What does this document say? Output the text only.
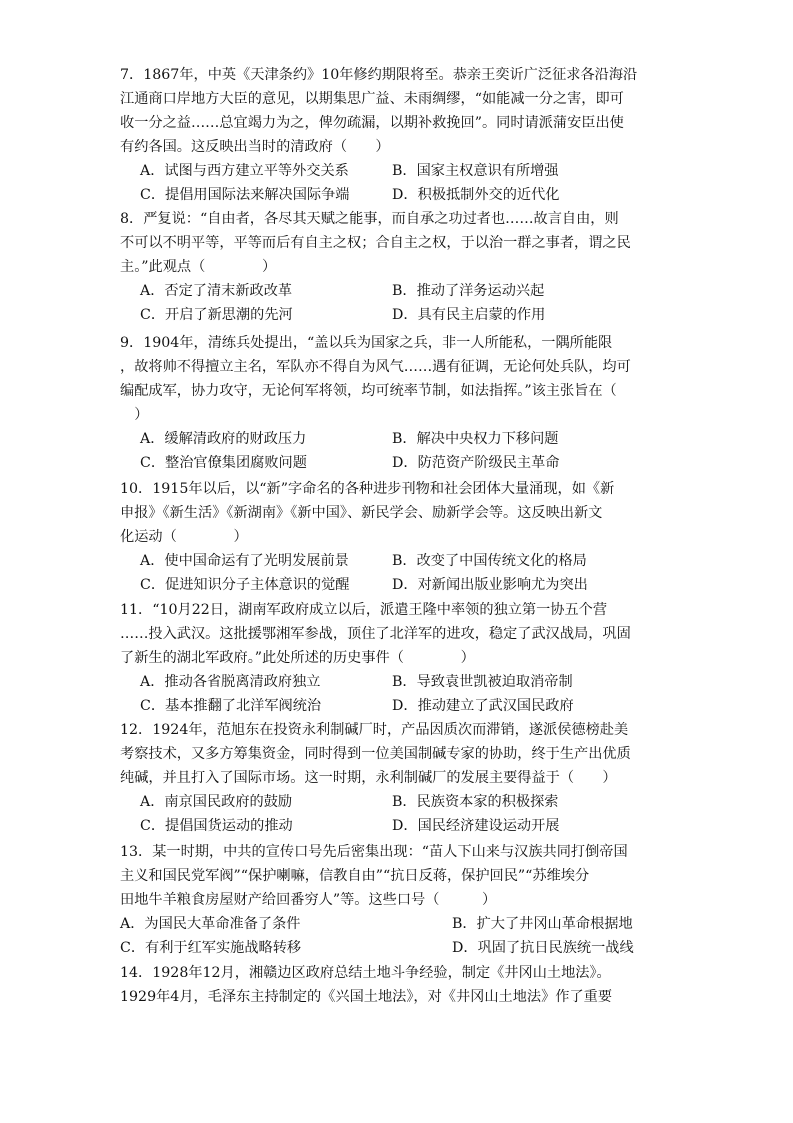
7．1867年，中英《天津条约》10年修约期限将至。恭亲王奕䜣广泛征求各沿海沿
江通商口岸地方大臣的意见，以期集思广益、未雨绸缪，“如能减一分之害，即可
收一分之益……总宜竭力为之，俾勿疏漏，以期补救挽回”。同时请派蒲安臣出使
有约各国。这反映出当时的清政府（　　）
A．试图与西方建立平等外交关系	B．国家主权意识有所增强
C．提倡用国际法来解决国际争端	D．积极抵制外交的近代化
8．严复说：“自由者，各尽其天赋之能事，而自承之功过者也……故言自由，则
不可以不明平等，平等而后有自主之权；合自主之权，于以治一群之事者，谓之民
主。”此观点（　　　　）
A．否定了清末新政改革	B．推动了洋务运动兴起
C．开启了新思潮的先河	D．具有民主启蒙的作用
9．1904年，清练兵处提出，“盖以兵为国家之兵，非一人所能私，一隅所能限
，故将帅不得擅立主名，军队亦不得自为风气……遇有征调，无论何处兵队，均可
编配成军，协力攻守，无论何军将领，均可统率节制，如法指挥。”该主张旨在（
　）
A．缓解清政府的财政压力	B．解决中央权力下移问题
C．整治官僚集团腐败问题	D．防范资产阶级民主革命
10．1915年以后，以“新”字命名的各种进步刊物和社会团体大量涌现，如《新
申报》《新生活》《新湖南》《新中国》、新民学会、励新学会等。这反映出新文
化运动（　　　　）
A．使中国命运有了光明发展前景	B．改变了中国传统文化的格局
C．促进知识分子主体意识的觉醒	D．对新闻出版业影响尤为突出
11．“10月22日，湖南军政府成立以后，派遣王隆中率领的独立第一协五个营
……投入武汉。这批援鄂湘军参战，顶住了北洋军的进攻，稳定了武汉战局，巩固
了新生的湖北军政府。”此处所述的历史事件（　　　　）
A．推动各省脱离清政府独立	B．导致袁世凯被迫取消帝制
C．基本推翻了北洋军阀统治	D．推动建立了武汉国民政府
12．1924年，范旭东在投资永利制碱厂时，产品因质次而滞销，遂派侯德榜赴美
考察技术，又多方筹集资金，同时得到一位美国制碱专家的协助，终于生产出优质
纯碱，并且打入了国际市场。这一时期，永利制碱厂的发展主要得益于（　　）
A．南京国民政府的鼓励	B．民族资本家的积极探索
C．提倡国货运动的推动	D．国民经济建设运动开展
13．某一时期，中共的宣传口号先后密集出现：“苗人下山来与汉族共同打倒帝国
主义和国民党军阀”“保护喇嘛，信教自由”“抗日反蒋，保护回民”“苏维埃分
田地牛羊粮食房屋财产给回番穷人”等。这些口号（　　　）
A．为国民大革命准备了条件	B．扩大了井冈山革命根据地
C．有利于红军实施战略转移	D．巩固了抗日民族统一战线
14．1928年12月，湘赣边区政府总结土地斗争经验，制定《井冈山土地法》。
1929年4月，毛泽东主持制定的《兴国土地法》，对《井冈山土地法》作了重要
